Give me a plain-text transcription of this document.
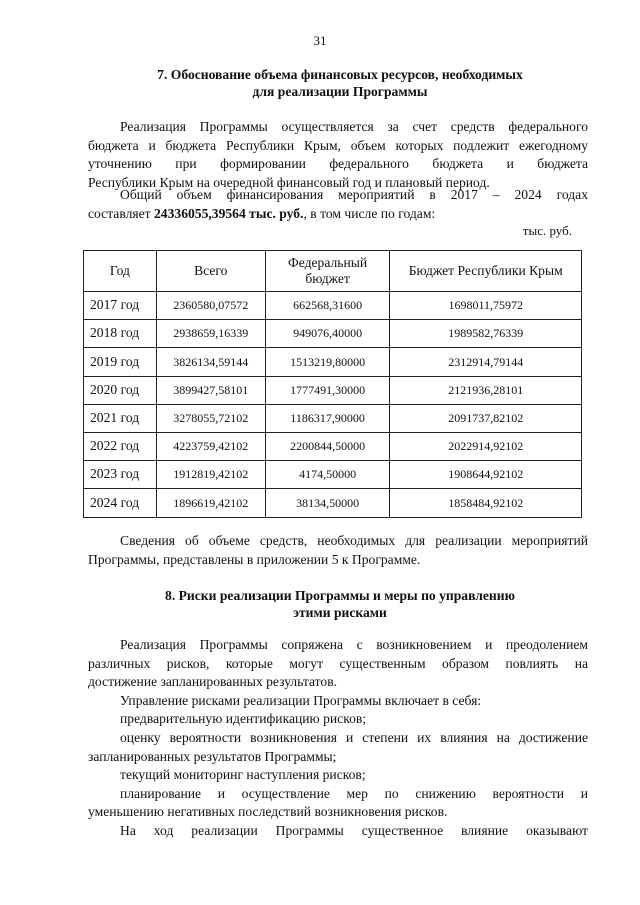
31
7. Обоснование объема финансовых ресурсов, необходимых
для реализации Программы
Реализация Программы осуществляется за счет средств федерального
бюджета и бюджета Республики Крым, объем которых подлежит ежегодному
уточнению при формировании федерального бюджета и бюджета
Республики Крым на очередной финансовый год и плановый период.
Общий объем финансирования мероприятий в 2017 – 2024 годах
составляет 24336055,39564 тыс. руб., в том числе по годам:
тыс. руб.
Год	Всего	Федеральный бюджет	Бюджет Республики Крым
2017 год	2360580,07572	662568,31600	1698011,75972
2018 год	2938659,16339	949076,40000	1989582,76339
2019 год	3826134,59144	1513219,80000	2312914,79144
2020 год	3899427,58101	1777491,30000	2121936,28101
2021 год	3278055,72102	1186317,90000	2091737,82102
2022 год	4223759,42102	2200844,50000	2022914,92102
2023 год	1912819,42102	4174,50000	1908644,92102
2024 год	1896619,42102	38134,50000	1858484,92102
Сведения об объеме средств, необходимых для реализации мероприятий
Программы, представлены в приложении 5 к Программе.
8. Риски реализации Программы и меры по управлению
этими рисками
Реализация Программы сопряжена с возникновением и преодолением
различных рисков, которые могут существенным образом повлиять на
достижение запланированных результатов.
Управление рисками реализации Программы включает в себя:
предварительную идентификацию рисков;
оценку вероятности возникновения и степени их влияния на достижение
запланированных результатов Программы;
текущий мониторинг наступления рисков;
планирование и осуществление мер по снижению вероятности и
уменьшению негативных последствий возникновения рисков.
На ход реализации Программы существенное влияние оказывают
